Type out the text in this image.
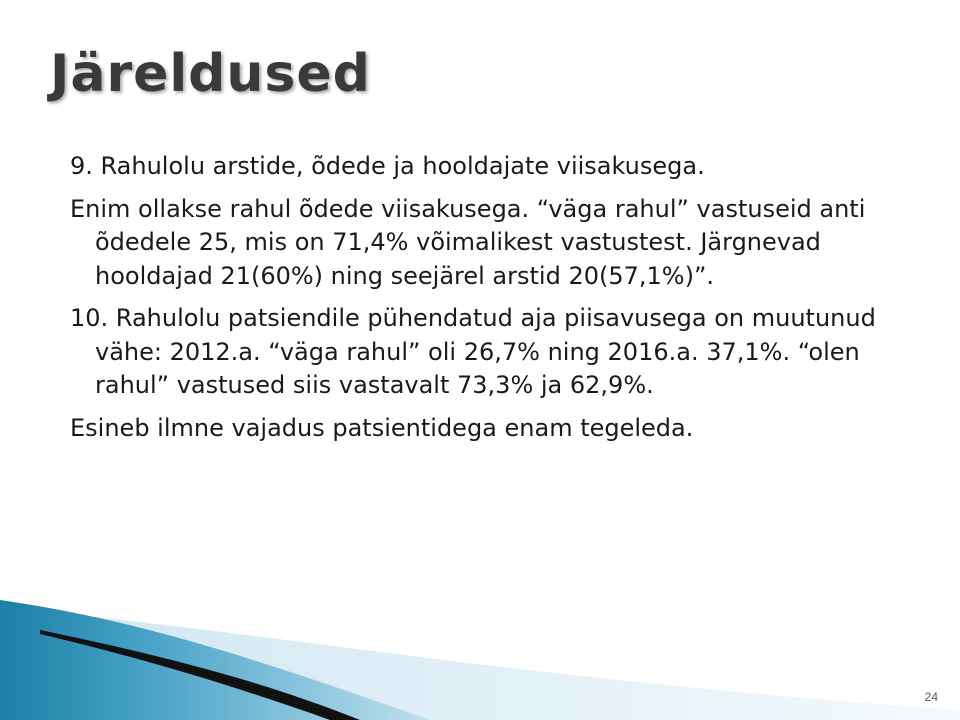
Järeldused

9. Rahulolu arstide, õdede ja hooldajate viisakusega.

Enim ollakse rahul õdede viisakusega. “väga rahul” vastuseid anti õdedele 25, mis on 71,4% võimalikest vastustest. Järgnevad hooldajad 21(60%) ning seejärel arstid 20(57,1%)”.

10. Rahulolu patsiendile pühendatud aja piisavusega on muutunud vähe: 2012.a. “väga rahul” oli 26,7% ning 2016.a. 37,1%. “olen rahul” vastused siis vastavalt 73,3% ja 62,9%.

Esineb ilmne vajadus patsientidega enam tegeleda.

24
